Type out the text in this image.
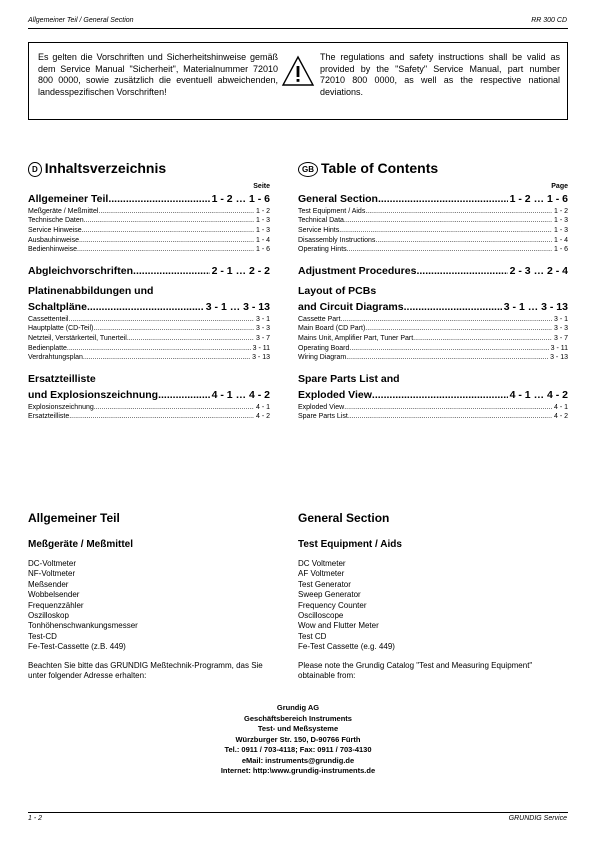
Allgemeiner Teil / General Section	RR 300 CD
Es gelten die Vorschriften und Sicherheitshinweise gemäß dem Service Manual "Sicherheit", Materialnummer 72010 800 0000, sowie zusätzlich die eventuell abweichenden, landesspezifischen Vorschriften!
The regulations and safety instructions shall be valid as provided by the "Safety" Service Manual, part number 72010 800 0000, as well as the respective national deviations.
D Inhaltsverzeichnis
Seite
Allgemeiner Teil .....	1 - 2 … 1 - 6
Meßgeräte / Meßmittel .....	1 - 2
Technische Daten .....	1 - 3
Service Hinweise .....	1 - 3
Ausbauhinweise .....	1 - 4
Bedienhinweise .....	1 - 6
Abgleichvorschriften .....	2 - 1 … 2 - 2
Platinenabbildungen und
Schaltpläne .....	3 - 1 … 3 - 13
Cassettenteil .....	3 - 1
Hauptplatte (CD-Teil) .....	3 - 3
Netzteil, Verstärkerteil, Tunerteil .....	3 - 7
Bedienplatte .....	3 - 11
Verdrahtungsplan .....	3 - 13
Ersatzteilliste
und Explosionszeichnung .....	4 - 1 … 4 - 2
Explosionszeichnung .....	4 - 1
Ersatzteilliste .....	4 - 2
GB Table of Contents
Page
General Section .....	1 - 2 … 1 - 6
Test Equipment / Aids .....	1 - 2
Technical Data .....	1 - 3
Service Hints .....	1 - 3
Disassembly Instructions .....	1 - 4
Operating Hints .....	1 - 6
Adjustment Procedures .....	2 - 3 … 2 - 4
Layout of PCBs
and Circuit Diagrams .....	3 - 1 … 3 - 13
Cassette Part .....	3 - 1
Main Board (CD Part) .....	3 - 3
Mains Unit, Amplifier Part, Tuner Part .....	3 - 7
Operating Board .....	3 - 11
Wiring Diagram .....	3 - 13
Spare Parts List and
Exploded View .....	4 - 1 … 4 - 2
Exploded View .....	4 - 1
Spare Parts List .....	4 - 2
Allgemeiner Teil
Meßgeräte / Meßmittel
DC-Voltmeter
NF-Voltmeter
Meßsender
Wobbelsender
Frequenzzähler
Oszilloskop
Tonhöhenschwankungsmesser
Test-CD
Fe-Test-Cassette (z.B. 449)
Beachten Sie bitte das GRUNDIG Meßtechnik-Programm, das Sie unter folgender Adresse erhalten:
General Section
Test Equipment / Aids
DC Voltmeter
AF Voltmeter
Test Generator
Sweep Generator
Frequency Counter
Oscilloscope
Wow and Flutter Meter
Test CD
Fe-Test Cassette (e.g. 449)
Please note the Grundig Catalog "Test and Measuring Equipment" obtainable from:
Grundig AG
Geschäftsbereich Instruments
Test- und Meßsysteme
Würzburger Str. 150, D-90766 Fürth
Tel.: 0911 / 703-4118; Fax: 0911 / 703-4130
eMail: instruments@grundig.de
Internet: http:\www.grundig-instruments.de
1 - 2	GRUNDIG Service
